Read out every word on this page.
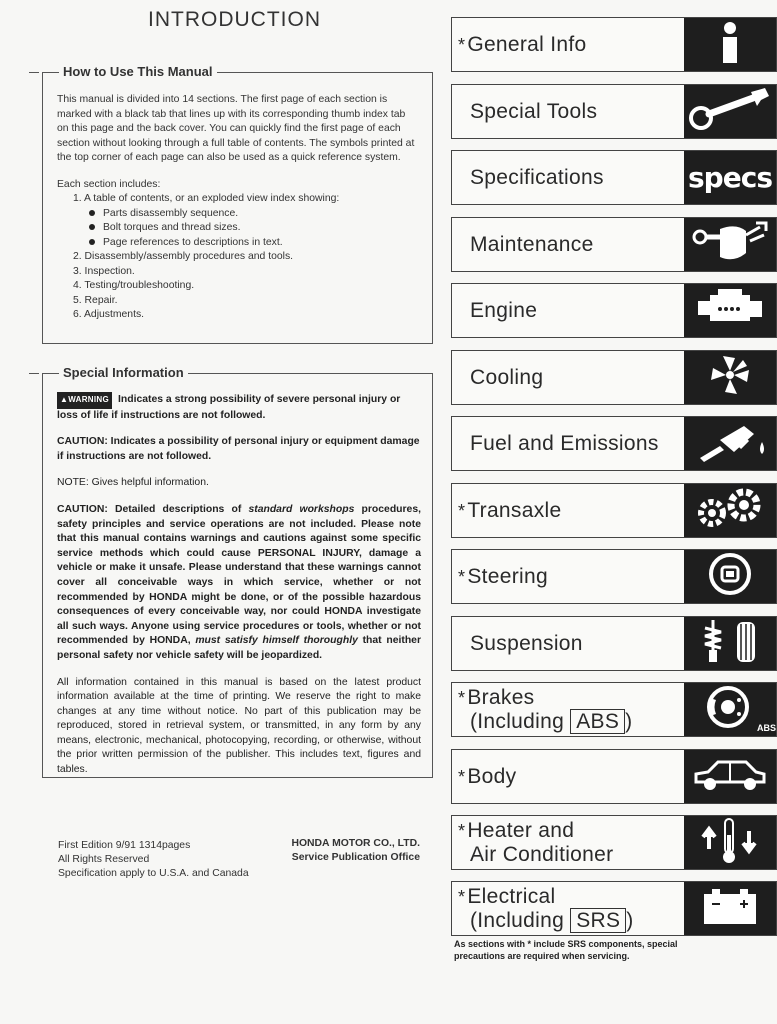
INTRODUCTION
How to Use This Manual

This manual is divided into 14 sections. The first page of each section is marked with a black tab that lines up with its corresponding thumb index tab on this page and the back cover. You can quickly find the first page of each section without looking through a full table of contents. The symbols printed at the top corner of each page can also be used as a quick reference system.

Each section includes:

1. A table of contents, or an exploded view index showing:

Parts disassembly sequence.

Bolt torques and thread sizes.

Page references to descriptions in text.

2. Disassembly/assembly procedures and tools.

3. Inspection.

4. Testing/troubleshooting.

5. Repair.

6. Adjustments.

Special Information

▲WARNING Indicates a strong possibility of severe personal injury or loss of life if instructions are not followed.

CAUTION: Indicates a possibility of personal injury or equipment damage if instructions are not followed.

NOTE: Gives helpful information.

CAUTION: Detailed descriptions of standard workshops procedures, safety principles and service operations are not included. Please note that this manual contains warnings and cautions against some specific service methods which could cause PERSONAL INJURY, damage a vehicle or make it unsafe. Please understand that these warnings cannot cover all conceivable ways in which service, whether or not recommended by HONDA might be done, or of the possible hazardous consequences of every conceivable way, nor could HONDA investigate all such ways. Anyone using service procedures or tools, whether or not recommended by HONDA, must satisfy himself thoroughly that neither personal safety nor vehicle safety will be jeopardized.

All information contained in this manual is based on the latest product information available at the time of printing. We reserve the right to make changes at any time without notice. No part of this publication may be reproduced, stored in retrieval system, or transmitted, in any form by any means, electronic, mechanical, photocopying, recording, or otherwise, without the prior written permission of the publisher. This includes text, figures and tables.

First Edition 9/91 1314pages
All Rights Reserved
Specification apply to U.S.A. and Canada
HONDA MOTOR CO., LTD.
Service Publication Office
*General Info
Special Tools
Specifications	specs
Maintenance
Engine
Cooling
Fuel and Emissions
*Transaxle
*Steering
Suspension
*Brakes
(Including ABS )	ABS
*Body
*Heater and
Air Conditioner
*Electrical
(Including SRS )
As sections with * include SRS components, special precautions are required when servicing.
